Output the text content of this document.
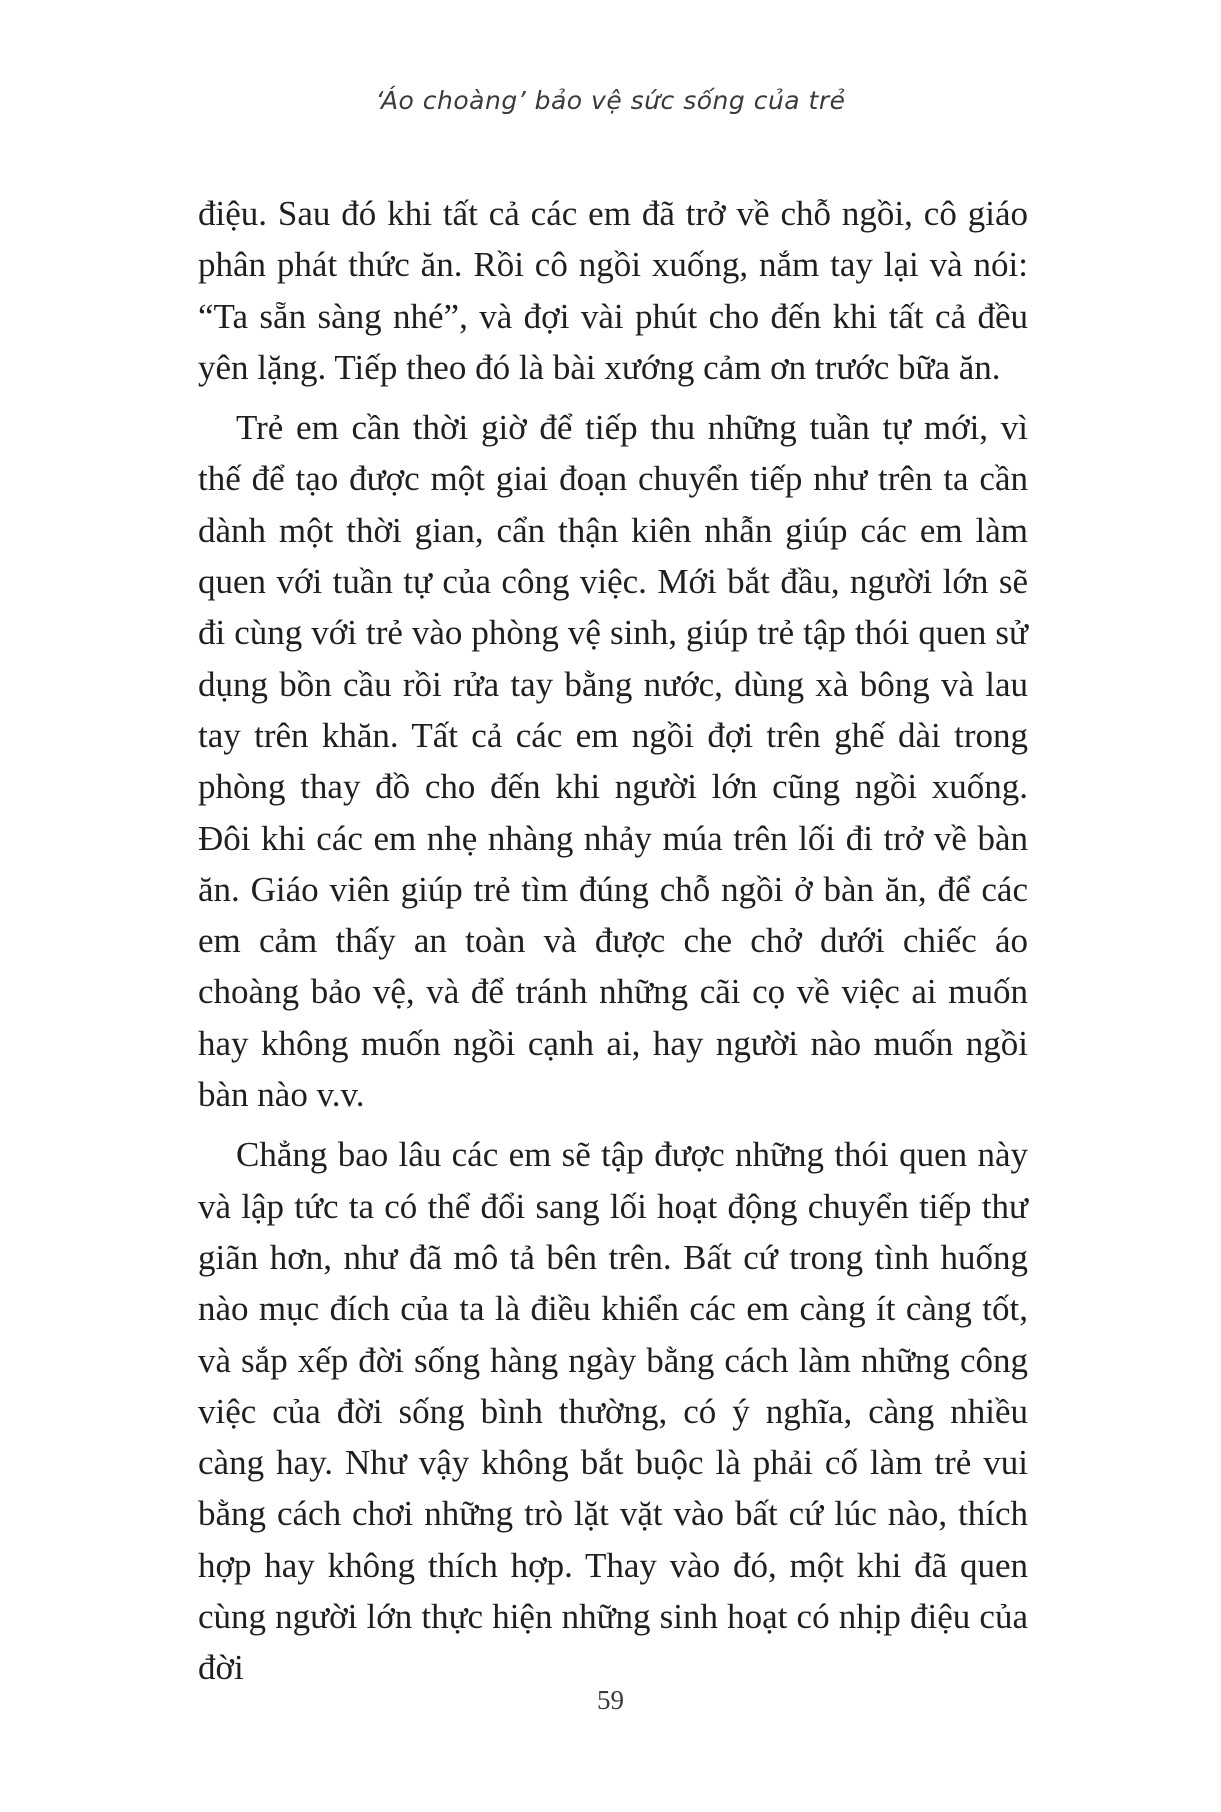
‘Áo choàng’ bảo vệ sức sống của trẻ

điệu. Sau đó khi tất cả các em đã trở về chỗ ngồi, cô giáo phân phát thức ăn. Rồi cô ngồi xuống, nắm tay lại và nói: “Ta sẵn sàng nhé”, và đợi vài phút cho đến khi tất cả đều yên lặng. Tiếp theo đó là bài xướng cảm ơn trước bữa ăn.

Trẻ em cần thời giờ để tiếp thu những tuần tự mới, vì thế để tạo được một giai đoạn chuyển tiếp như trên ta cần dành một thời gian, cẩn thận kiên nhẫn giúp các em làm quen với tuần tự của công việc. Mới bắt đầu, người lớn sẽ đi cùng với trẻ vào phòng vệ sinh, giúp trẻ tập thói quen sử dụng bồn cầu rồi rửa tay bằng nước, dùng xà bông và lau tay trên khăn. Tất cả các em ngồi đợi trên ghế dài trong phòng thay đồ cho đến khi người lớn cũng ngồi xuống. Đôi khi các em nhẹ nhàng nhảy múa trên lối đi trở về bàn ăn. Giáo viên giúp trẻ tìm đúng chỗ ngồi ở bàn ăn, để các em cảm thấy an toàn và được che chở dưới chiếc áo choàng bảo vệ, và để tránh những cãi cọ về việc ai muốn hay không muốn ngồi cạnh ai, hay người nào muốn ngồi bàn nào v.v.

Chẳng bao lâu các em sẽ tập được những thói quen này và lập tức ta có thể đổi sang lối hoạt động chuyển tiếp thư giãn hơn, như đã mô tả bên trên. Bất cứ trong tình huống nào mục đích của ta là điều khiển các em càng ít càng tốt, và sắp xếp đời sống hàng ngày bằng cách làm những công việc của đời sống bình thường, có ý nghĩa, càng nhiều càng hay. Như vậy không bắt buộc là phải cố làm trẻ vui bằng cách chơi những trò lặt vặt vào bất cứ lúc nào, thích hợp hay không thích hợp. Thay vào đó, một khi đã quen cùng người lớn thực hiện những sinh hoạt có nhịp điệu của đời

59
